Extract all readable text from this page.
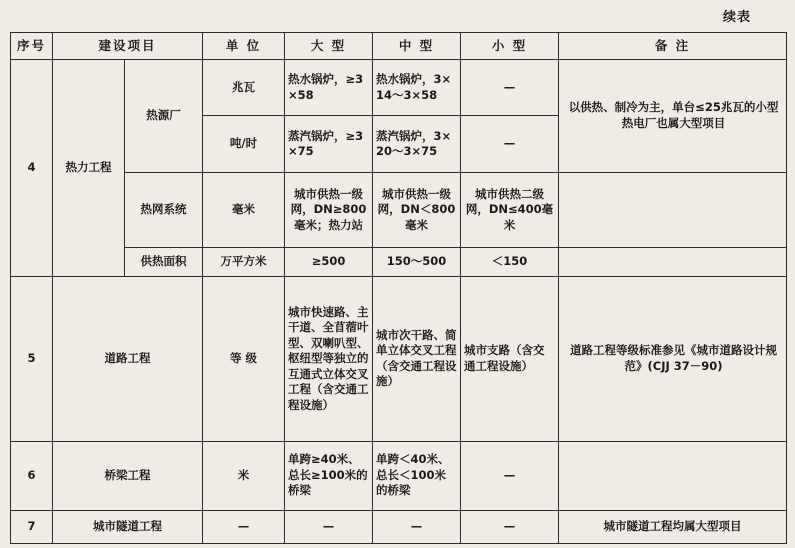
续表
序号	建设项目		单 位	大 型	中 型	小 型	备 注
4	热力工程	热源厂	兆瓦	热水锅炉，≥3×58	热水锅炉，3×14～3×58	—	以供热、制冷为主，单台≤25兆瓦的小型热电厂也属大型项目
			吨/时	蒸汽锅炉，≥3×75	蒸汽锅炉，3×20～3×75	—	
		热网系统	毫米	城市供热一级网，DN≥800毫米；热力站	城市供热一级网，DN＜800毫米	城市供热二级网，DN≤400毫米	
		供热面积	万平方米	≥500	150～500	＜150	
5	道路工程		等 级	城市快速路、主干道、全苜蓿叶型、双喇叭型、枢纽型等独立的互通式立体交叉工程（含交通工程设施）	城市次干路、简单立体交叉工程（含交通工程设施）	城市支路（含交通工程设施）	道路工程等级标准参见《城市道路设计规范》(CJJ 37－90)
6	桥梁工程		米	单跨≥40米、总长≥100米的桥梁	单跨＜40米、总长＜100米的桥梁	—	
7	城市隧道工程		—	—	—	—	城市隧道工程均属大型项目
